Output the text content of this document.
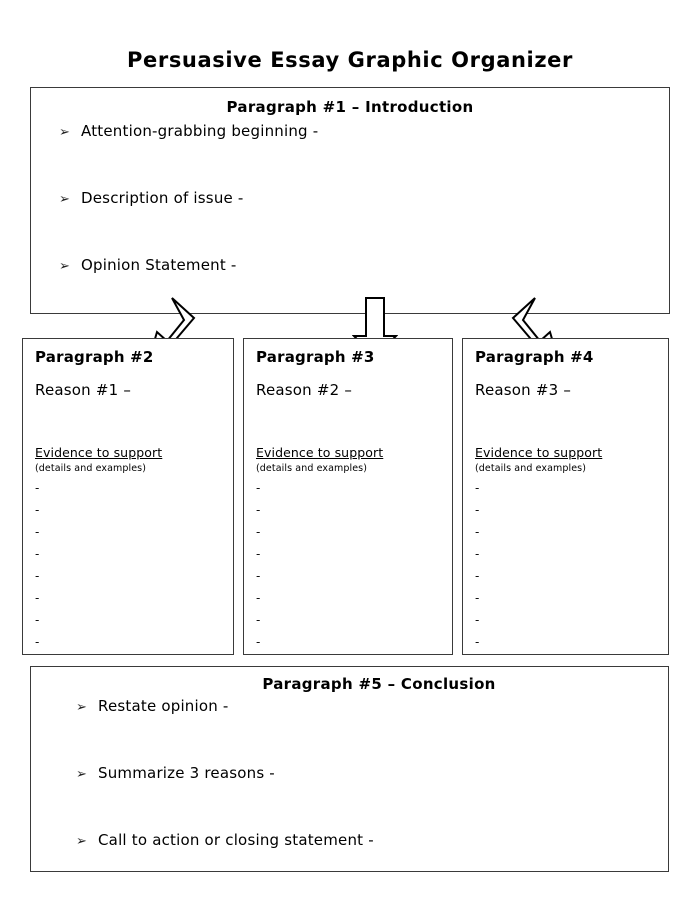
Persuasive Essay Graphic Organizer
Paragraph #1 – Introduction
➢ Attention-grabbing beginning -
➢ Description of issue -
➢ Opinion Statement -
Paragraph #2
Reason #1 –
Evidence to support
(details and examples)
-
-
-
-
-
-
-
-
Paragraph #3
Reason #2 –
Evidence to support
(details and examples)
-
-
-
-
-
-
-
-
Paragraph #4
Reason #3 –
Evidence to support
(details and examples)
-
-
-
-
-
-
-
-
Paragraph #5 – Conclusion
➢ Restate opinion -
➢ Summarize 3 reasons -
➢ Call to action or closing statement -
